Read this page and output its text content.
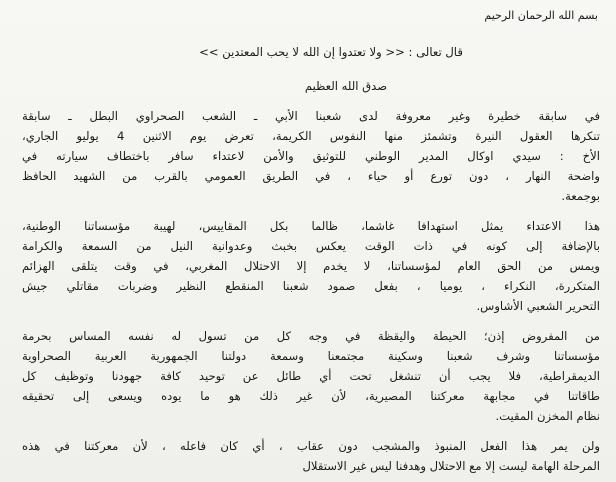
بسم الله الرحمان الرحيم
قال تعالى : << ولا تعتدوا إن الله لا يحب المعتدين >>
صدق الله العظيم
في سابقة خطيرة وغير معروفة لدى شعبنا الأبي ـ الشعب الصحراوي البطل ـ سابقة
تنكرها العقول النيرة وتشمئز منها النفوس الكريمة، تعرض يوم الاثنين 4 يوليو الجاري،
الأخ : سيدي اوكال المدير الوطني للتوثيق والأمن لاعتداء سافر باختطاف سيارته في
واضحة النهار ، دون تورع أو حياء ، في الطريق العمومي بالقرب من الشهيد الحافظ
بوجمعة.
هذا الاعتداء يمثل استهدافا غاشما، ظالما بكل المقاييس، لهيبة مؤسساتنا الوطنية،
بالإضافة إلى كونه في ذات الوقت يعكس بخبث وعدوانية النيل من السمعة والكرامة
ويمس من الحق العام لمؤسساتنا، لا يخدم إلا الاحتلال المغربي، في وقت يتلقى الهزائم
المتكررة، النكراء ، يوميا ، بفعل صمود شعبنا المنقطع النظير وضربات مقاتلي جيش
التحرير الشعبي الأشاوس.
من المفروض إذن؛ الحيطة واليقظة في وجه كل من تسول له نفسه المساس بحرمة
مؤسساتنا وشرف شعبنا وسكينة مجتمعنا وسمعة دولتنا الجمهورية العربية الصحراوية
الديمقراطية، فلا يجب أن تنشغل تحت أي طائل عن توحيد كافة جهودنا وتوظيف كل
طاقاتنا في مجابهة معركتنا المصيرية، لأن غير ذلك هو ما يوده ويسعى إلى تحقيقه
نظام المخزن المقيت.
ولن يمر هذا الفعل المنبوذ والمشجب دون عقاب ، أي كان فاعله ، لأن معركتنا في هذه
المرحلة الهامة ليست إلا مع الاحتلال وهدفنا ليس غير الاستقلال
